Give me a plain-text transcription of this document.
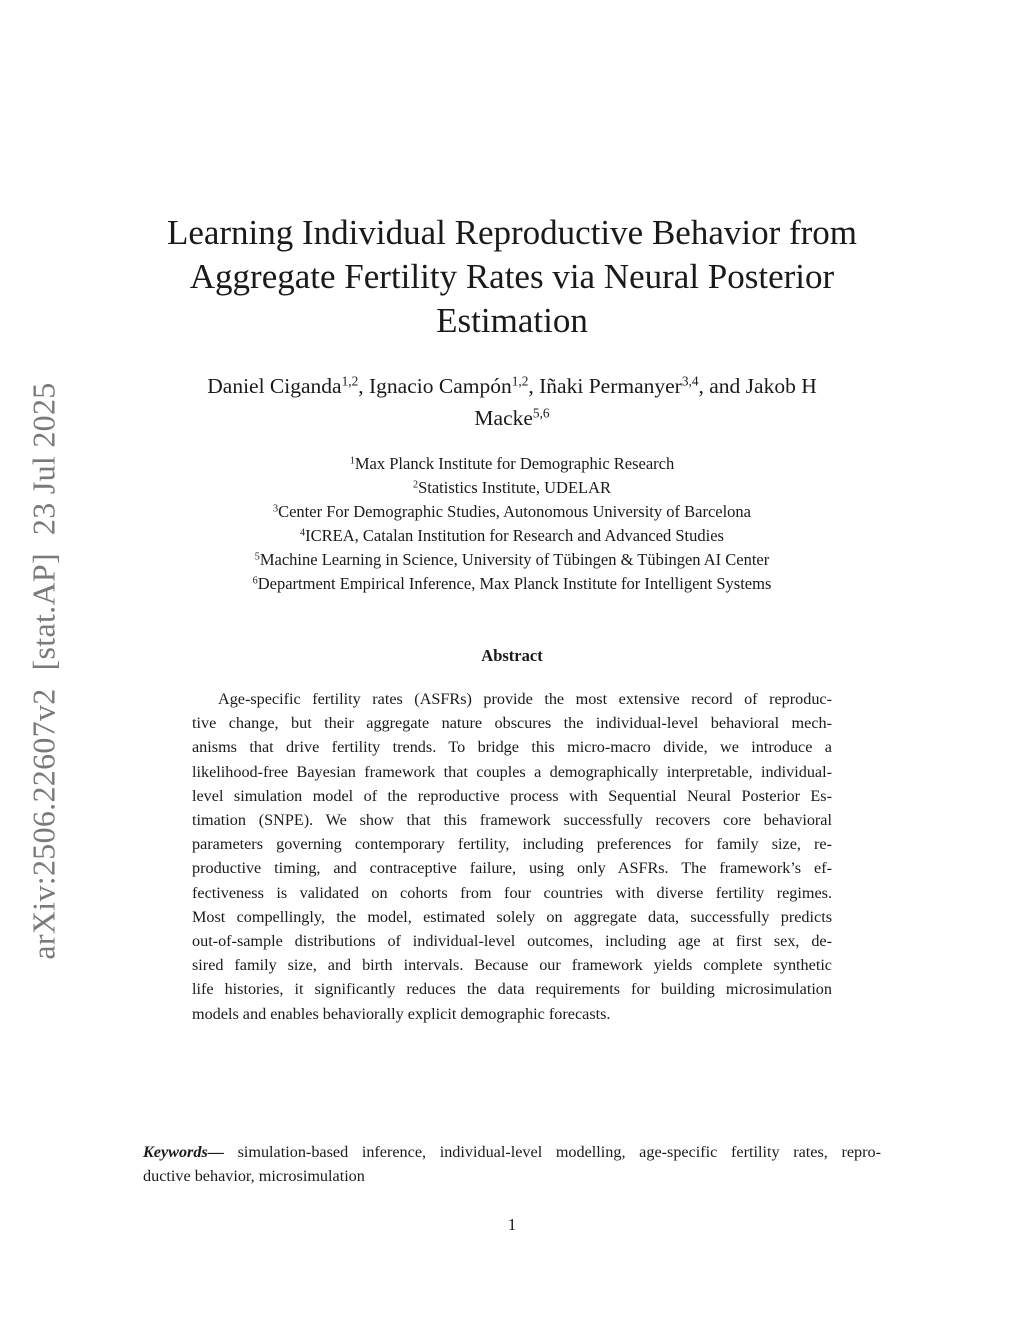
arXiv:2506.22607v2[stat.AP]23 Jul 2025
Learning Individual Reproductive Behavior from
Aggregate Fertility Rates via Neural Posterior
Estimation
Daniel Ciganda$^{1,2}$, Ignacio Campón$^{1,2}$, Iñaki Permanyer$^{3,4}$, and Jakob H
Macke$^{5,6}$
$^1$Max Planck Institute for Demographic Research
$^2$Statistics Institute, UDELAR
$^3$Center For Demographic Studies, Autonomous University of Barcelona
$^4$ICREA, Catalan Institution for Research and Advanced Studies
$^5$Machine Learning in Science, University of Tübingen & Tübingen AI Center
$^6$Department Empirical Inference, Max Planck Institute for Intelligent Systems
Abstract
Age-specific fertility rates (ASFRs) provide the most extensive record of reproduc-
tive change, but their aggregate nature obscures the individual-level behavioral mech-
anisms that drive fertility trends. To bridge this micro-macro divide, we introduce a
likelihood-free Bayesian framework that couples a demographically interpretable, individual-
level simulation model of the reproductive process with Sequential Neural Posterior Es-
timation (SNPE). We show that this framework successfully recovers core behavioral
parameters governing contemporary fertility, including preferences for family size, re-
productive timing, and contraceptive failure, using only ASFRs. The framework’s ef-
fectiveness is validated on cohorts from four countries with diverse fertility regimes.
Most compellingly, the model, estimated solely on aggregate data, successfully predicts
out-of-sample distributions of individual-level outcomes, including age at first sex, de-
sired family size, and birth intervals. Because our framework yields complete synthetic
life histories, it significantly reduces the data requirements for building microsimulation
models and enables behaviorally explicit demographic forecasts.
Keywords— simulation-based inference, individual-level modelling, age-specific fertility rates, repro-
ductive behavior, microsimulation
1
